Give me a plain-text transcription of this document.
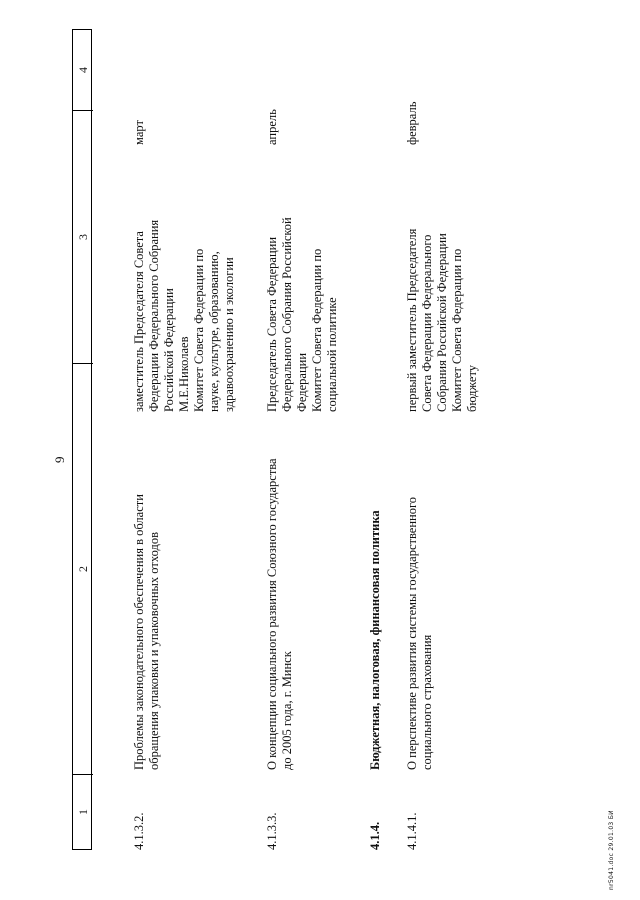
9
1
2
3
4
4.1.3.2.
Проблемы законодательного обеспечения в области обращения упаковки и упаковочных отходов
заместитель Председателя Совета Федерации Федерального Собрания Российской Федерации М.Е.Николаев Комитет Совета Федерации по науке, культуре, образованию, здравоохранению и экологии
март
4.1.3.3.
О концепции социального развития Союзного государства до 2005 года, г. Минск
Председатель Совета Федерации Федерального Собрания Российской Федерации Комитет Совета Федерации по социальной политике
апрель
4.1.4.
Бюджетная, налоговая, финансовая политика
4.1.4.1.
О перспективе развития системы государственного социального страхования
первый заместитель Председателя Совета Федерации Федерального Собрания Российской Федерации Комитет Совета Федерации по бюджету
февраль
nr5041.doc 29.01.03 БИ
